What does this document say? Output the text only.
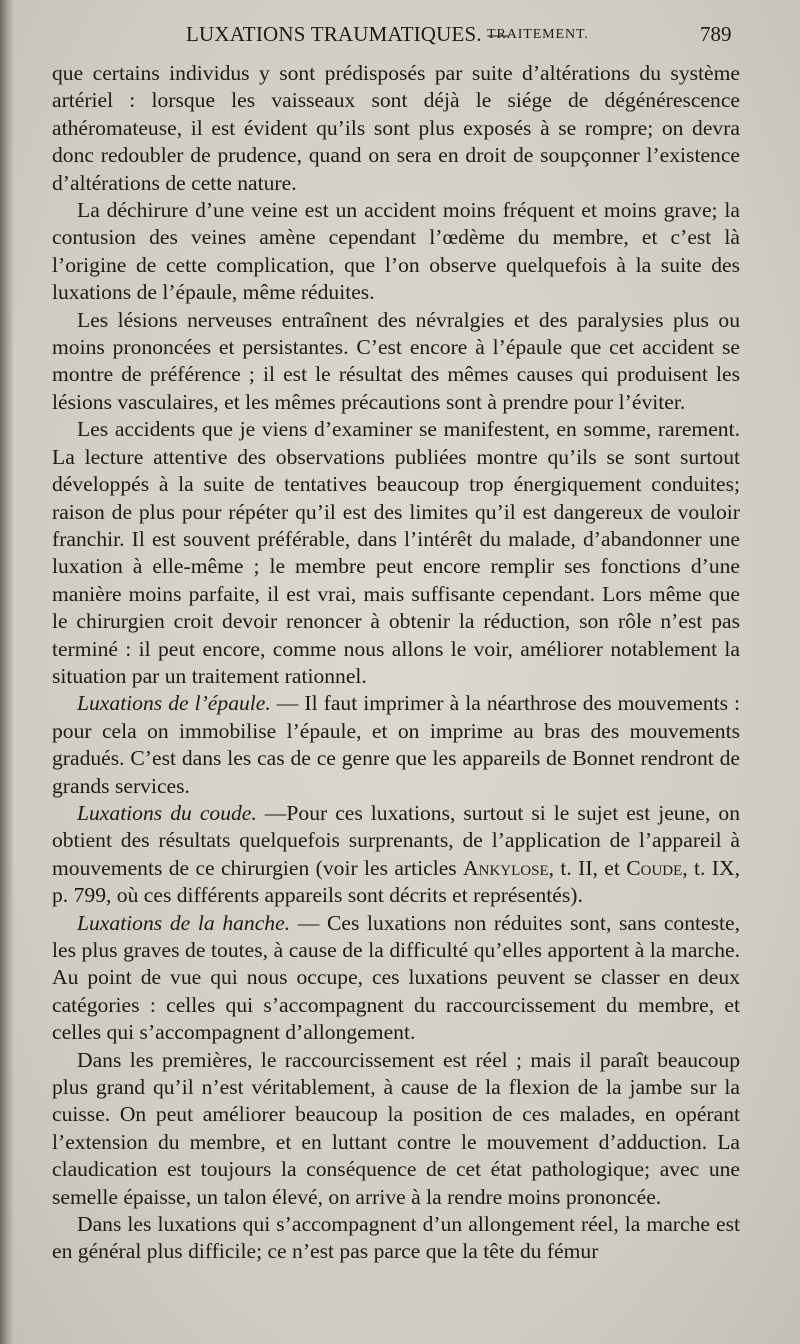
LUXATIONS TRAUMATIQUES. —
TRAITEMENT.	789

que certains individus y sont prédisposés par suite d’altérations du système artériel : lorsque les vaisseaux sont déjà le siége de dégénérescence athéromateuse, il est évident qu’ils sont plus exposés à se rompre; on devra donc redoubler de prudence, quand on sera en droit de soupçonner l’existence d’altérations de cette nature.

La déchirure d’une veine est un accident moins fréquent et moins grave; la contusion des veines amène cependant l’œdème du membre, et c’est là l’origine de cette complication, que l’on observe quelquefois à la suite des luxations de l’épaule, même réduites.

Les lésions nerveuses entraînent des névralgies et des paralysies plus ou moins prononcées et persistantes. C’est encore à l’épaule que cet accident se montre de préférence ; il est le résultat des mêmes causes qui produisent les lésions vasculaires, et les mêmes précautions sont à prendre pour l’éviter.

Les accidents que je viens d’examiner se manifestent, en somme, rarement. La lecture attentive des observations publiées montre qu’ils se sont surtout développés à la suite de tentatives beaucoup trop énergiquement conduites; raison de plus pour répéter qu’il est des limites qu’il est dangereux de vouloir franchir. Il est souvent préférable, dans l’intérêt du malade, d’abandonner une luxation à elle-même ; le membre peut encore remplir ses fonctions d’une manière moins parfaite, il est vrai, mais suffisante cependant. Lors même que le chirurgien croit devoir renoncer à obtenir la réduction, son rôle n’est pas terminé : il peut encore, comme nous allons le voir, améliorer notablement la situation par un traitement rationnel.

Luxations de l’épaule. — Il faut imprimer à la néarthrose des mouvements : pour cela on immobilise l’épaule, et on imprime au bras des mouvements gradués. C’est dans les cas de ce genre que les appareils de Bonnet rendront de grands services.

Luxations du coude. —Pour ces luxations, surtout si le sujet est jeune, on obtient des résultats quelquefois surprenants, de l’application de l’appareil à mouvements de ce chirurgien (voir les articles Ankylose, t. II, et Coude, t. IX, p. 799, où ces différents appareils sont décrits et représentés).

Luxations de la hanche. — Ces luxations non réduites sont, sans conteste, les plus graves de toutes, à cause de la difficulté qu’elles apportent à la marche. Au point de vue qui nous occupe, ces luxations peuvent se classer en deux catégories : celles qui s’accompagnent du raccourcissement du membre, et celles qui s’accompagnent d’allongement.

Dans les premières, le raccourcissement est réel ; mais il paraît beaucoup plus grand qu’il n’est véritablement, à cause de la flexion de la jambe sur la cuisse. On peut améliorer beaucoup la position de ces malades, en opérant l’extension du membre, et en luttant contre le mouvement d’adduction. La claudication est toujours la conséquence de cet état pathologique; avec une semelle épaisse, un talon élevé, on arrive à la rendre moins prononcée.

Dans les luxations qui s’accompagnent d’un allongement réel, la marche est en général plus difficile; ce n’est pas parce que la tête du fémur
